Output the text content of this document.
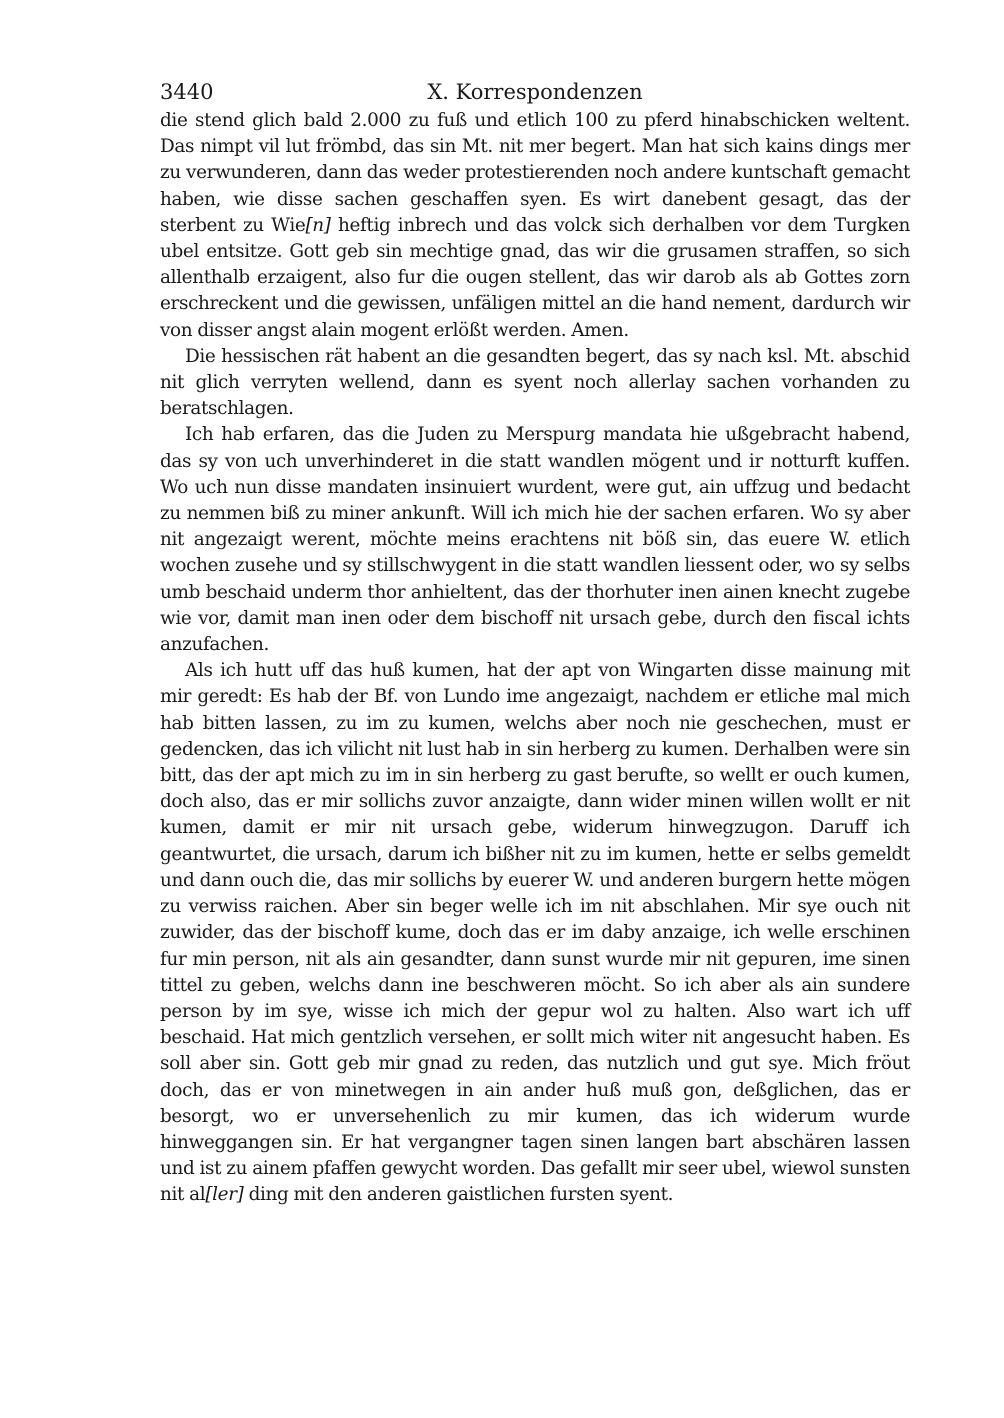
3440	X. Korrespondenzen

die stend glich bald 2.000 zu fuß und etlich 100 zu pferd hinabschicken weltent. Das nimpt vil lut frömbd, das sin Mt. nit mer begert. Man hat sich kains dings mer zu verwunderen, dann das weder protestierenden noch andere kuntschaft gemacht haben, wie disse sachen geschaffen syen. Es wirt danebent gesagt, das der sterbent zu Wie[n] heftig inbrech und das volck sich derhalben vor dem Turgken ubel entsitze. Gott geb sin mechtige gnad, das wir die grusamen straffen, so sich allenthalb erzaigent, also fur die ougen stellent, das wir darob als ab Gottes zorn erschreckent und die gewissen, unfäligen mittel an die hand nement, dardurch wir von disser angst alain mogent erlößt werden. Amen.

Die hessischen rät habent an die gesandten begert, das sy nach ksl. Mt. abschid nit glich verryten wellend, dann es syent noch allerlay sachen vorhanden zu beratschlagen.

Ich hab erfaren, das die Juden zu Merspurg mandata hie ußgebracht habend, das sy von uch unverhinderet in die statt wandlen mögent und ir notturft kuffen. Wo uch nun disse mandaten insinuiert wurdent, were gut, ain uffzug und bedacht zu nemmen biß zu miner ankunft. Will ich mich hie der sachen erfaren. Wo sy aber nit angezaigt werent, möchte meins erachtens nit böß sin, das euere W. etlich wochen zusehe und sy stillschwygent in die statt wandlen liessent oder, wo sy selbs umb beschaid underm thor anhieltent, das der thorhuter inen ainen knecht zugebe wie vor, damit man inen oder dem bischoff nit ursach gebe, durch den fiscal ichts anzufachen.

Als ich hutt uff das huß kumen, hat der apt von Wingarten disse mainung mit mir geredt: Es hab der Bf. von Lundo ime angezaigt, nachdem er etliche mal mich hab bitten lassen, zu im zu kumen, welchs aber noch nie geschechen, must er gedencken, das ich vilicht nit lust hab in sin herberg zu kumen. Derhalben were sin bitt, das der apt mich zu im in sin herberg zu gast berufte, so wellt er ouch kumen, doch also, das er mir sollichs zuvor anzaigte, dann wider minen willen wollt er nit kumen, damit er mir nit ursach gebe, widerum hinwegzugon. Daruff ich geantwurtet, die ursach, darum ich bißher nit zu im kumen, hette er selbs gemeldt und dann ouch die, das mir sollichs by euerer W. und anderen burgern hette mögen zu verwiss raichen. Aber sin beger welle ich im nit abschlahen. Mir sye ouch nit zuwider, das der bischoff kume, doch das er im daby anzaige, ich welle erschinen fur min person, nit als ain gesandter, dann sunst wurde mir nit gepuren, ime sinen tittel zu geben, welchs dann ine beschweren möcht. So ich aber als ain sundere person by im sye, wisse ich mich der gepur wol zu halten. Also wart ich uff beschaid. Hat mich gentzlich versehen, er sollt mich witer nit angesucht haben. Es soll aber sin. Gott geb mir gnad zu reden, das nutzlich und gut sye. Mich fröut doch, das er von minetwegen in ain ander huß muß gon, deßglichen, das er besorgt, wo er unversehenlich zu mir kumen, das ich widerum wurde hinweggangen sin. Er hat vergangner tagen sinen langen bart abschären lassen und ist zu ainem pfaffen gewycht worden. Das gefallt mir seer ubel, wiewol sunsten nit al[ler] ding mit den anderen gaistlichen fursten syent.
